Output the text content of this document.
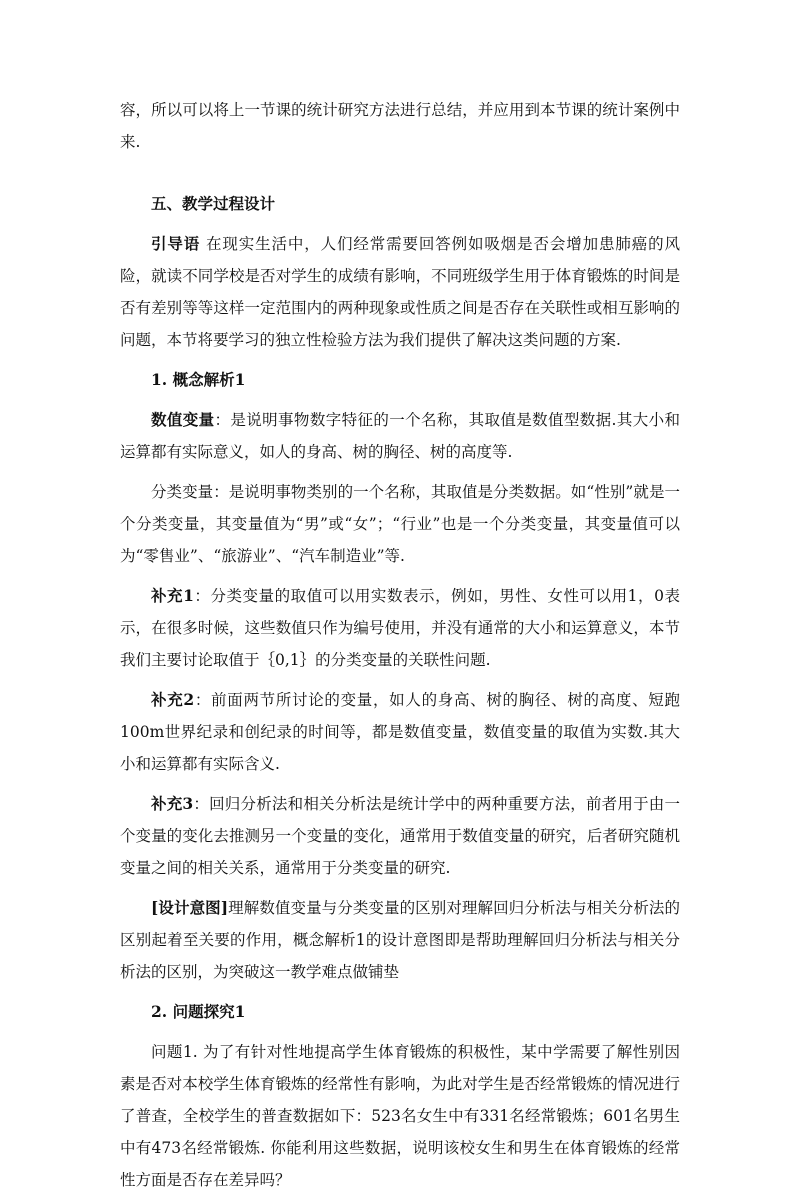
容，所以可以将上一节课的统计研究方法进行总结，并应用到本节课的统计案例中来.

五、教学过程设计

引导语 在现实生活中，人们经常需要回答例如吸烟是否会增加患肺癌的风险，就读不同学校是否对学生的成绩有影响，不同班级学生用于体育锻炼的时间是否有差别等等这样一定范围内的两种现象或性质之间是否存在关联性或相互影响的问题，本节将要学习的独立性检验方法为我们提供了解决这类问题的方案.

1. 概念解析1

数值变量：是说明事物数字特征的一个名称，其取值是数值型数据.其大小和运算都有实际意义，如人的身高、树的胸径、树的高度等.

分类变量：是说明事物类别的一个名称，其取值是分类数据。如“性别”就是一个分类变量，其变量值为“男”或“女”；“行业”也是一个分类变量，其变量值可以为“零售业”、“旅游业”、“汽车制造业”等.

补充1：分类变量的取值可以用实数表示，例如，男性、女性可以用1，0表示，在很多时候，这些数值只作为编号使用，并没有通常的大小和运算意义，本节我们主要讨论取值于｛0,1｝的分类变量的关联性问题.

补充2：前面两节所讨论的变量，如人的身高、树的胸径、树的高度、短跑100m世界纪录和创纪录的时间等，都是数值变量，数值变量的取值为实数.其大小和运算都有实际含义.

补充3：回归分析法和相关分析法是统计学中的两种重要方法，前者用于由一个变量的变化去推测另一个变量的变化，通常用于数值变量的研究，后者研究随机变量之间的相关关系，通常用于分类变量的研究.

[设计意图]理解数值变量与分类变量的区别对理解回归分析法与相关分析法的区别起着至关要的作用，概念解析1的设计意图即是帮助理解回归分析法与相关分析法的区别，为突破这一教学难点做铺垫

2. 问题探究1

问题1. 为了有针对性地提高学生体育锻炼的积极性，某中学需要了解性别因素是否对本校学生体育锻炼的经常性有影响，为此对学生是否经常锻炼的情况进行了普查，全校学生的普查数据如下：523名女生中有331名经常锻炼；601名男生中有473名经常锻炼. 你能利用这些数据，说明该校女生和男生在体育锻炼的经常性方面是否存在差异吗？
